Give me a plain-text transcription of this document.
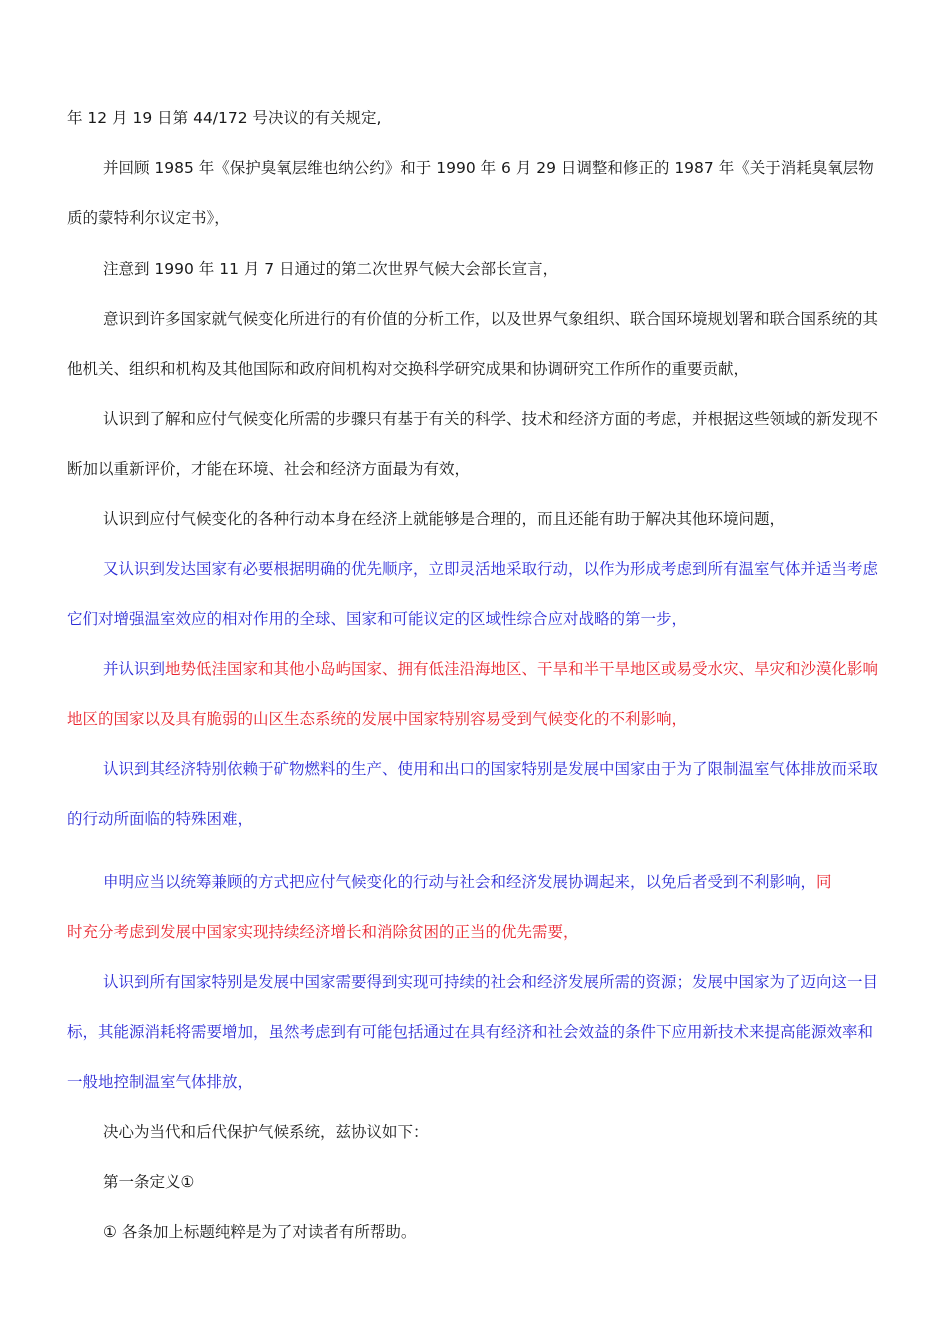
年 12 月 19 日第 44/172 号决议的有关规定,

并回顾 1985 年《保护臭氧层维也纳公约》和于 1990 年 6 月 29 日调整和修正的 1987 年《关于消耗臭氧层物质的蒙特利尔议定书》，

注意到 1990 年 11 月 7 日通过的第二次世界气候大会部长宣言，

意识到许多国家就气候变化所进行的有价值的分析工作，以及世界气象组织、联合国环境规划署和联合国系统的其他机关、组织和机构及其他国际和政府间机构对交换科学研究成果和协调研究工作所作的重要贡献，

认识到了解和应付气候变化所需的步骤只有基于有关的科学、技术和经济方面的考虑，并根据这些领域的新发现不断加以重新评价，才能在环境、社会和经济方面最为有效，

认识到应付气候变化的各种行动本身在经济上就能够是合理的，而且还能有助于解决其他环境问题，

又认识到发达国家有必要根据明确的优先顺序，立即灵活地采取行动，以作为形成考虑到所有温室气体并适当考虑它们对增强温室效应的相对作用的全球、国家和可能议定的区域性综合应对战略的第一步，

并认识到地势低洼国家和其他小岛屿国家、拥有低洼沿海地区、干旱和半干旱地区或易受水灾、旱灾和沙漠化影响地区的国家以及具有脆弱的山区生态系统的发展中国家特别容易受到气候变化的不利影响，

认识到其经济特别依赖于矿物燃料的生产、使用和出口的国家特别是发展中国家由于为了限制温室气体排放而采取的行动所面临的特殊困难，

申明应当以统筹兼顾的方式把应付气候变化的行动与社会和经济发展协调起来，以免后者受到不利影响，同时充分考虑到发展中国家实现持续经济增长和消除贫困的正当的优先需要，

认识到所有国家特别是发展中国家需要得到实现可持续的社会和经济发展所需的资源；发展中国家为了迈向这一目标，其能源消耗将需要增加，虽然考虑到有可能包括通过在具有经济和社会效益的条件下应用新技术来提高能源效率和一般地控制温室气体排放，

决心为当代和后代保护气候系统，兹协议如下：

第一条定义①

① 各条加上标题纯粹是为了对读者有所帮助。
